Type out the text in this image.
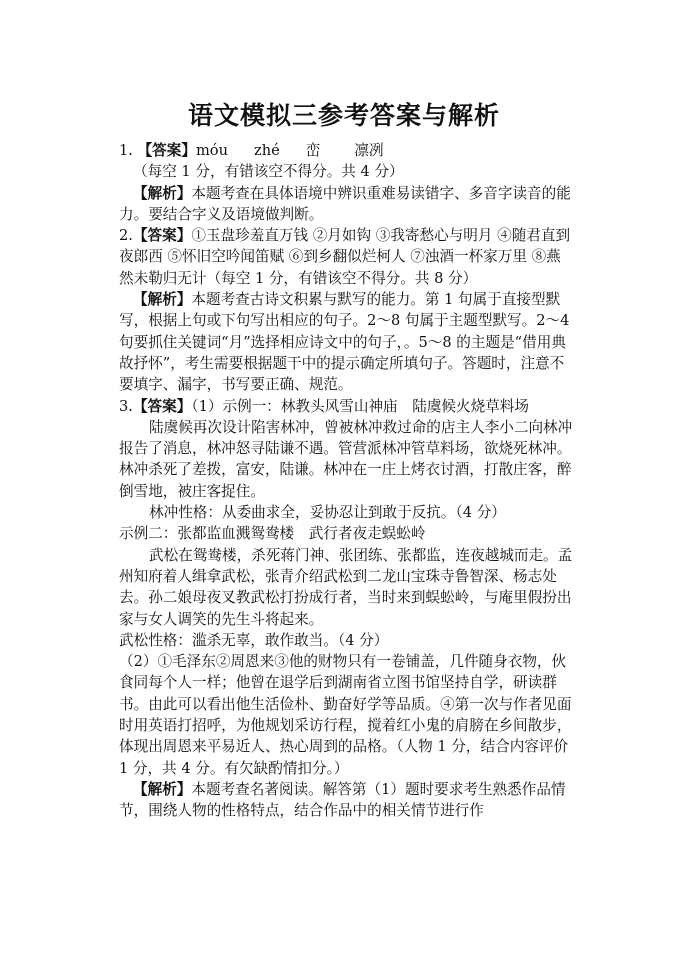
语文模拟三参考答案与解析

1. 【答案】móu zhé 峦 凛冽

（每空 1 分，有错该空不得分。共 4 分）

【解析】本题考查在具体语境中辨识重难易读错字、多音字读音的能力。要结合字义及语境做判断。

2.【答案】①玉盘珍羞直万钱 ②月如钩 ③我寄愁心与明月 ④随君直到夜郎西 ⑤怀旧空吟闻笛赋 ⑥到乡翻似烂柯人 ⑦浊酒一杯家万里 ⑧燕然未勒归无计（每空 1 分，有错该空不得分。共 8 分）

【解析】本题考查古诗文积累与默写的能力。第 1 句属于直接型默写，根据上句或下句写出相应的句子。2～8 句属于主题型默写。2～4 句要抓住关键词“月”选择相应诗文中的句子，。5～8 的主题是“借用典故抒怀”，考生需要根据题干中的提示确定所填句子。答题时，注意不要填字、漏字，书写要正确、规范。

3.【答案】（1）示例一：林教头风雪山神庙　陆虞候火烧草料场

陆虞候再次设计陷害林冲，曾被林冲救过命的店主人李小二向林冲报告了消息，林冲怒寻陆谦不遇。管营派林冲管草料场，欲烧死林冲。林冲杀死了差拨，富安，陆谦。林冲在一庄上烤衣讨酒，打散庄客，醉倒雪地，被庄客捉住。

林冲性格：从委曲求全，妥协忍让到敢于反抗。（4 分）

示例二：张都监血溅鸳鸯楼　武行者夜走蜈蚣岭

武松在鸳鸯楼，杀死蒋门神、张团练、张都监，连夜越城而走。孟州知府着人缉拿武松，张青介绍武松到二龙山宝珠寺鲁智深、杨志处去。孙二娘母夜叉教武松打扮成行者，当时来到蜈蚣岭，与庵里假扮出家与女人调笑的先生斗将起来。

武松性格：滥杀无辜，敢作敢当。（4 分）

（2）①毛泽东②周恩来③他的财物只有一卷铺盖，几件随身衣物，伙食同每个人一样；他曾在退学后到湖南省立图书馆坚持自学，研读群书。由此可以看出他生活俭朴、勤奋好学等品质。④第一次与作者见面时用英语打招呼，为他规划采访行程，搅着红小鬼的肩膀在乡间散步，体现出周恩来平易近人、热心周到的品格。（人物 1 分，结合内容评价 1 分，共 4 分。有欠缺酌情扣分。）

【解析】本题考查名著阅读。解答第（1）题时要求考生熟悉作品情节，围绕人物的性格特点，结合作品中的相关情节进行作
